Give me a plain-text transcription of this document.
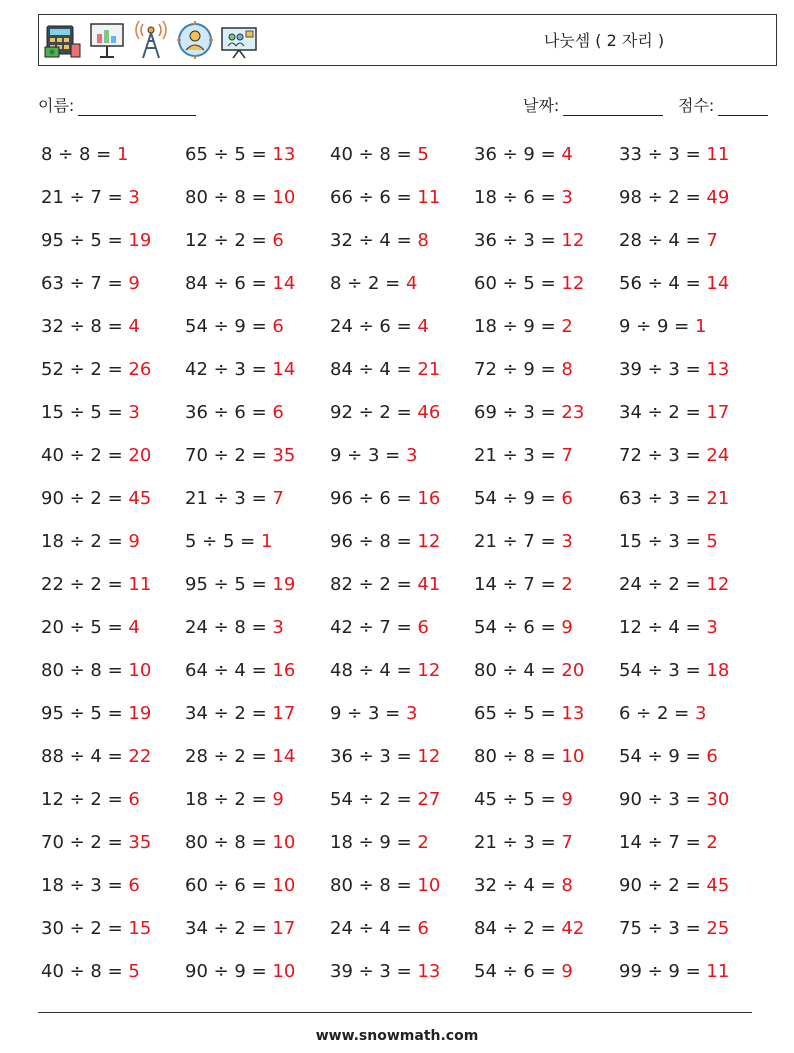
나눗셈 ( 2 자리 )
이름:	날짜:	점수:
8 ÷ 8 = 1	65 ÷ 5 = 13 40 ÷ 8 = 5	36 ÷ 9 = 4	33 ÷ 3 = 11
21 ÷ 7 = 3	80 ÷ 8 = 10 66 ÷ 6 = 11 18 ÷ 6 = 3	98 ÷ 2 = 49
95 ÷ 5 = 19 12 ÷ 2 = 6	32 ÷ 4 = 8	36 ÷ 3 = 12 28 ÷ 4 = 7
63 ÷ 7 = 9	84 ÷ 6 = 14 8 ÷ 2 = 4	60 ÷ 5 = 12 56 ÷ 4 = 14
32 ÷ 8 = 4	54 ÷ 9 = 6	24 ÷ 6 = 4	18 ÷ 9 = 2	9 ÷ 9 = 1
52 ÷ 2 = 26 42 ÷ 3 = 14 84 ÷ 4 = 21 72 ÷ 9 = 8	39 ÷ 3 = 13
15 ÷ 5 = 3	36 ÷ 6 = 6	92 ÷ 2 = 46 69 ÷ 3 = 23 34 ÷ 2 = 17
40 ÷ 2 = 20 70 ÷ 2 = 35 9 ÷ 3 = 3	21 ÷ 3 = 7	72 ÷ 3 = 24
90 ÷ 2 = 45 21 ÷ 3 = 7	96 ÷ 6 = 16 54 ÷ 9 = 6	63 ÷ 3 = 21
18 ÷ 2 = 9	5 ÷ 5 = 1	96 ÷ 8 = 12 21 ÷ 7 = 3	15 ÷ 3 = 5
22 ÷ 2 = 11 95 ÷ 5 = 19 82 ÷ 2 = 41 14 ÷ 7 = 2	24 ÷ 2 = 12
20 ÷ 5 = 4	24 ÷ 8 = 3	42 ÷ 7 = 6	54 ÷ 6 = 9	12 ÷ 4 = 3
80 ÷ 8 = 10 64 ÷ 4 = 16 48 ÷ 4 = 12 80 ÷ 4 = 20 54 ÷ 3 = 18
95 ÷ 5 = 19 34 ÷ 2 = 17 9 ÷ 3 = 3	65 ÷ 5 = 13 6 ÷ 2 = 3
88 ÷ 4 = 22 28 ÷ 2 = 14 36 ÷ 3 = 12 80 ÷ 8 = 10 54 ÷ 9 = 6
12 ÷ 2 = 6	18 ÷ 2 = 9	54 ÷ 2 = 27 45 ÷ 5 = 9	90 ÷ 3 = 30
70 ÷ 2 = 35 80 ÷ 8 = 10 18 ÷ 9 = 2	21 ÷ 3 = 7	14 ÷ 7 = 2
18 ÷ 3 = 6	60 ÷ 6 = 10 80 ÷ 8 = 10 32 ÷ 4 = 8	90 ÷ 2 = 45
30 ÷ 2 = 15 34 ÷ 2 = 17 24 ÷ 4 = 6	84 ÷ 2 = 42 75 ÷ 3 = 25
40 ÷ 8 = 5	90 ÷ 9 = 10 39 ÷ 3 = 13 54 ÷ 6 = 9	99 ÷ 9 = 11
www.snowmath.com
